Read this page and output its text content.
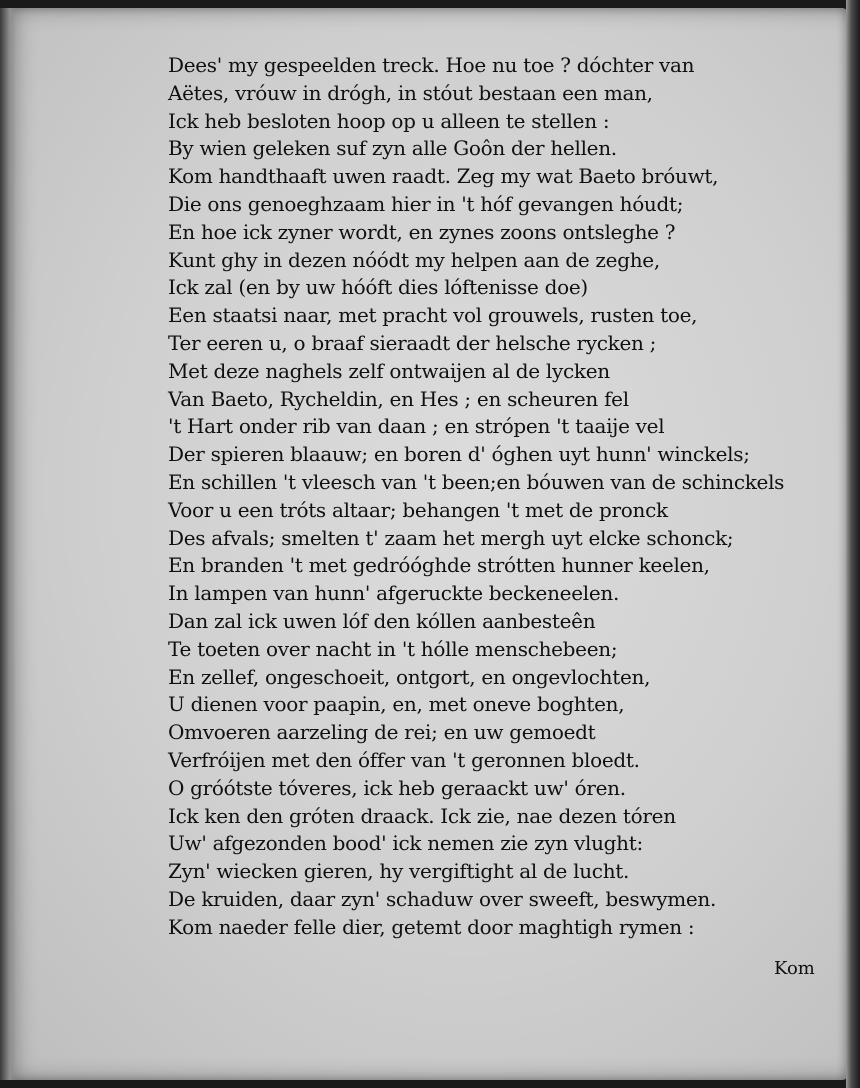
Dees' my gespeelden treck. Hoe nu toe ? dóchter van
Aëtes, vróuw in drógh, in stóut bestaan een man,
Ick heb besloten hoop op u alleen te stellen :
By wien geleken suf zyn alle Goôn der hellen.
Kom handthaaft uwen raadt. Zeg my wat Baeto bróuwt,
Die ons genoeghzaam hier in 't hóf gevangen hóudt;
En hoe ick zyner wordt, en zynes zoons ontsleghe ?
Kunt ghy in dezen nóódt my helpen aan de zeghe,
Ick zal (en by uw hóóft dies lóftenisse doe)
Een staatsi naar, met pracht vol grouwels, rusten toe,
Ter eeren u, o braaf sieraadt der helsche rycken ;
Met deze naghels zelf ontwaijen al de lycken
Van Baeto, Rycheldin, en Hes ; en scheuren fel
't Hart onder rib van daan ; en strópen 't taaije vel
Der spieren blaauw; en boren d' óghen uyt hunn' winckels;
En schillen 't vleesch van 't been;en bóuwen van de schinckels
Voor u een tróts altaar; behangen 't met de pronck
Des afvals; smelten t' zaam het mergh uyt elcke schonck;
En branden 't met gedróóghde strótten hunner keelen,
In lampen van hunn' afgeruckte beckeneelen.
Dan zal ick uwen lóf den kóllen aanbesteên
Te toeten over nacht in 't hólle menschebeen;
En zellef, ongeschoeit, ontgort, en ongevlochten,
U dienen voor paapin, en, met oneve boghten,
Omvoeren aarzeling de rei; en uw gemoedt
Verfróijen met den óffer van 't geronnen bloedt.
O gróótste tóveres, ick heb geraackt uw' óren.
Ick ken den gróten draack. Ick zie, nae dezen tóren
Uw' afgezonden bood' ick nemen zie zyn vlught:
Zyn' wiecken gieren, hy vergiftight al de lucht.
De kruiden, daar zyn' schaduw over sweeft, beswymen.
Kom naeder felle dier, getemt door maghtigh rymen :
Kom
